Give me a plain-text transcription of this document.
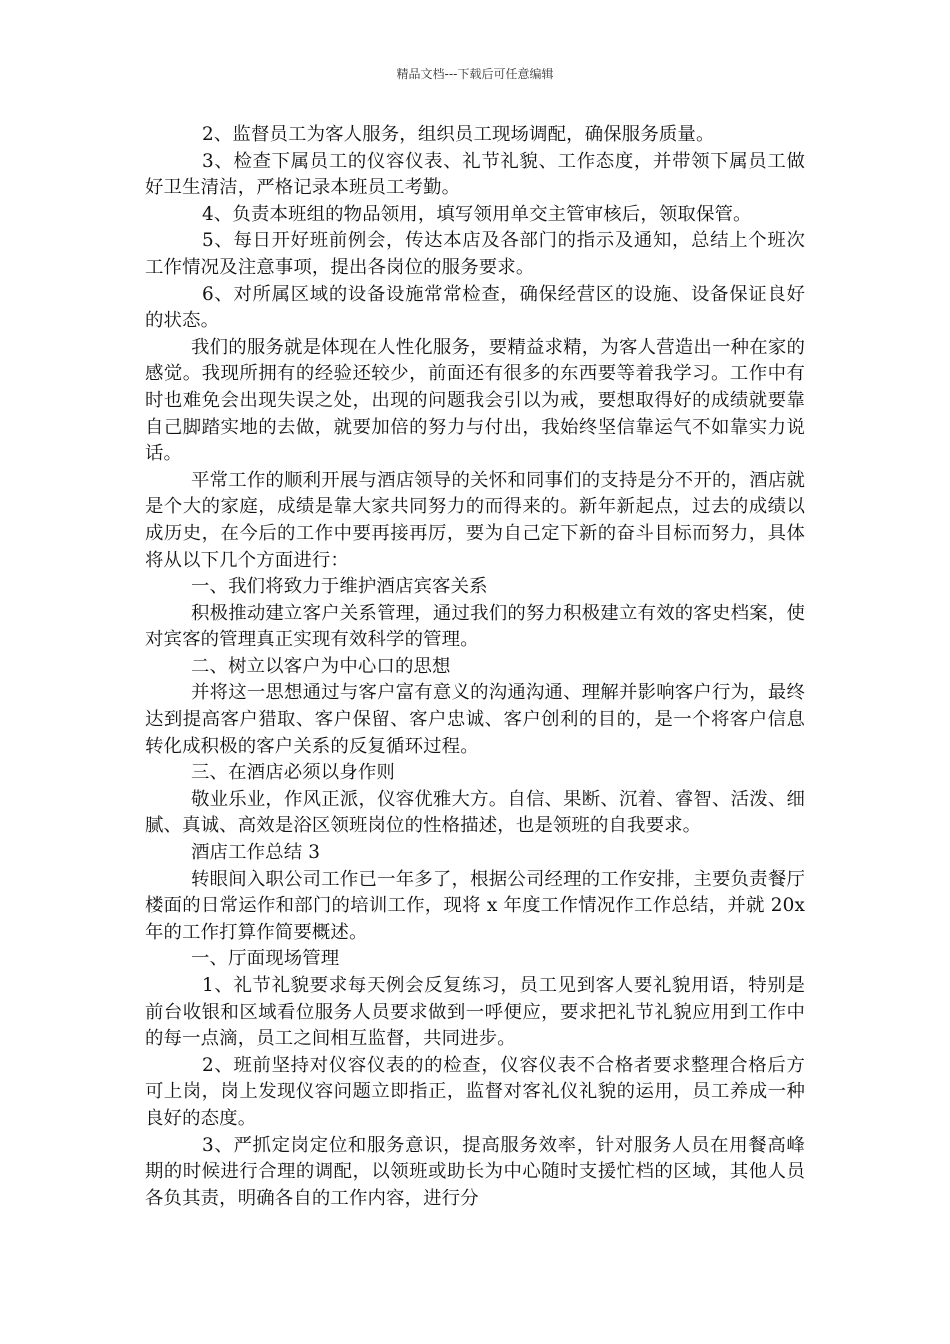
精品文档---下载后可任意编辑

2、监督员工为客人服务，组织员工现场调配，确保服务质量。

3、检查下属员工的仪容仪表、礼节礼貌、工作态度，并带领下属员工做好卫生清洁，严格记录本班员工考勤。

4、负责本班组的物品领用，填写领用单交主管审核后，领取保管。

5、每日开好班前例会，传达本店及各部门的指示及通知，总结上个班次工作情况及注意事项，提出各岗位的服务要求。

6、对所属区域的设备设施常常检查，确保经营区的设施、设备保证良好的状态。

我们的服务就是体现在人性化服务，要精益求精，为客人营造出一种在家的感觉。我现所拥有的经验还较少，前面还有很多的东西要等着我学习。工作中有时也难免会出现失误之处，出现的问题我会引以为戒，要想取得好的成绩就要靠自己脚踏实地的去做，就要加倍的努力与付出，我始终坚信靠运气不如靠实力说话。

平常工作的顺利开展与酒店领导的关怀和同事们的支持是分不开的，酒店就是个大的家庭，成绩是靠大家共同努力的而得来的。新年新起点，过去的成绩以成历史，在今后的工作中要再接再厉，要为自己定下新的奋斗目标而努力，具体将从以下几个方面进行：

一、我们将致力于维护酒店宾客关系

积极推动建立客户关系管理，通过我们的努力积极建立有效的客史档案，使对宾客的管理真正实现有效科学的管理。

二、树立以客户为中心口的思想

并将这一思想通过与客户富有意义的沟通沟通、理解并影响客户行为，最终达到提高客户猎取、客户保留、客户忠诚、客户创利的目的，是一个将客户信息转化成积极的客户关系的反复循环过程。

三、在酒店必须以身作则

敬业乐业，作风正派，仪容优雅大方。自信、果断、沉着、睿智、活泼、细腻、真诚、高效是浴区领班岗位的性格描述，也是领班的自我要求。

酒店工作总结 3

转眼间入职公司工作已一年多了，根据公司经理的工作安排，主要负责餐厅楼面的日常运作和部门的培训工作，现将 x 年度工作情况作工作总结，并就 20x 年的工作打算作简要概述。

一、厅面现场管理

1、礼节礼貌要求每天例会反复练习，员工见到客人要礼貌用语，特别是前台收银和区域看位服务人员要求做到一呼便应，要求把礼节礼貌应用到工作中的每一点滴，员工之间相互监督，共同进步。

2、班前坚持对仪容仪表的的检查，仪容仪表不合格者要求整理合格后方可上岗，岗上发现仪容问题立即指正，监督对客礼仪礼貌的运用，员工养成一种良好的态度。

3、严抓定岗定位和服务意识，提高服务效率，针对服务人员在用餐高峰期的时候进行合理的调配，以领班或助长为中心随时支援忙档的区域，其他人员各负其责，明确各自的工作内容，进行分
